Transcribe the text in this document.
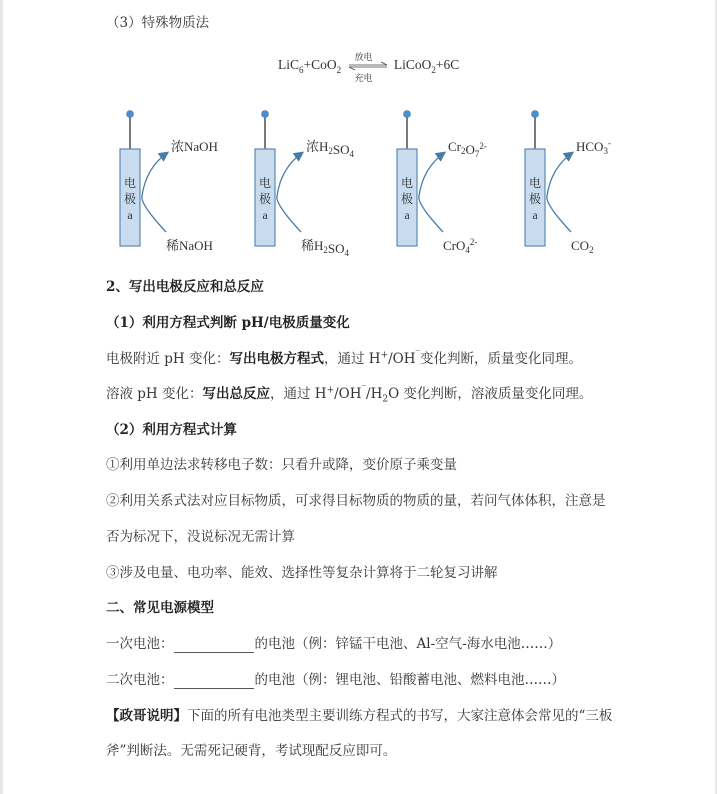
（3）特殊物质法
LiC$_6$+CoO$_2$
放电
充电
LiCoO$_2$+6C
电
极
a
浓NaOH
稀NaOH
电
极
a
浓$H_2SO_4$
稀$H_2SO_4$
电
极
a
$Cr_2O_7^{2-}$
CrO$_4^{2-}$
电
极
a
$HCO_3^-$
$CO_2$
2、写出电极反应和总反应
（1）利用方程式判断 pH/电极质量变化
电极附近 pH 变化：写出电极方程式，通过 H+/OH‾变化判断，质量变化同理。
溶液 pH 变化：写出总反应，通过 $H^+/OH^‾/H_2O$ 变化判断，溶液质量变化同理。
（2）利用方程式计算
①利用单边法求转移电子数：只看升或降，变价原子乘变量
②利用关系式法对应目标物质，可求得目标物质的物质的量，若问气体体积，注意是
否为标况下，没说标况无需计算
③涉及电量、电功率、能效、选择性等复杂计算将于二轮复习讲解
二、常见电源模型
一次电池：	的电池（例：锌锰干电池、Al-空气-海水电池……）
二次电池：	的电池（例：锂电池、铅酸蓄电池、燃料电池……）
【政哥说明】下面的所有电池类型主要训练方程式的书写，大家注意体会常见的“三板
斧”判断法。无需死记硬背，考试现配反应即可。
